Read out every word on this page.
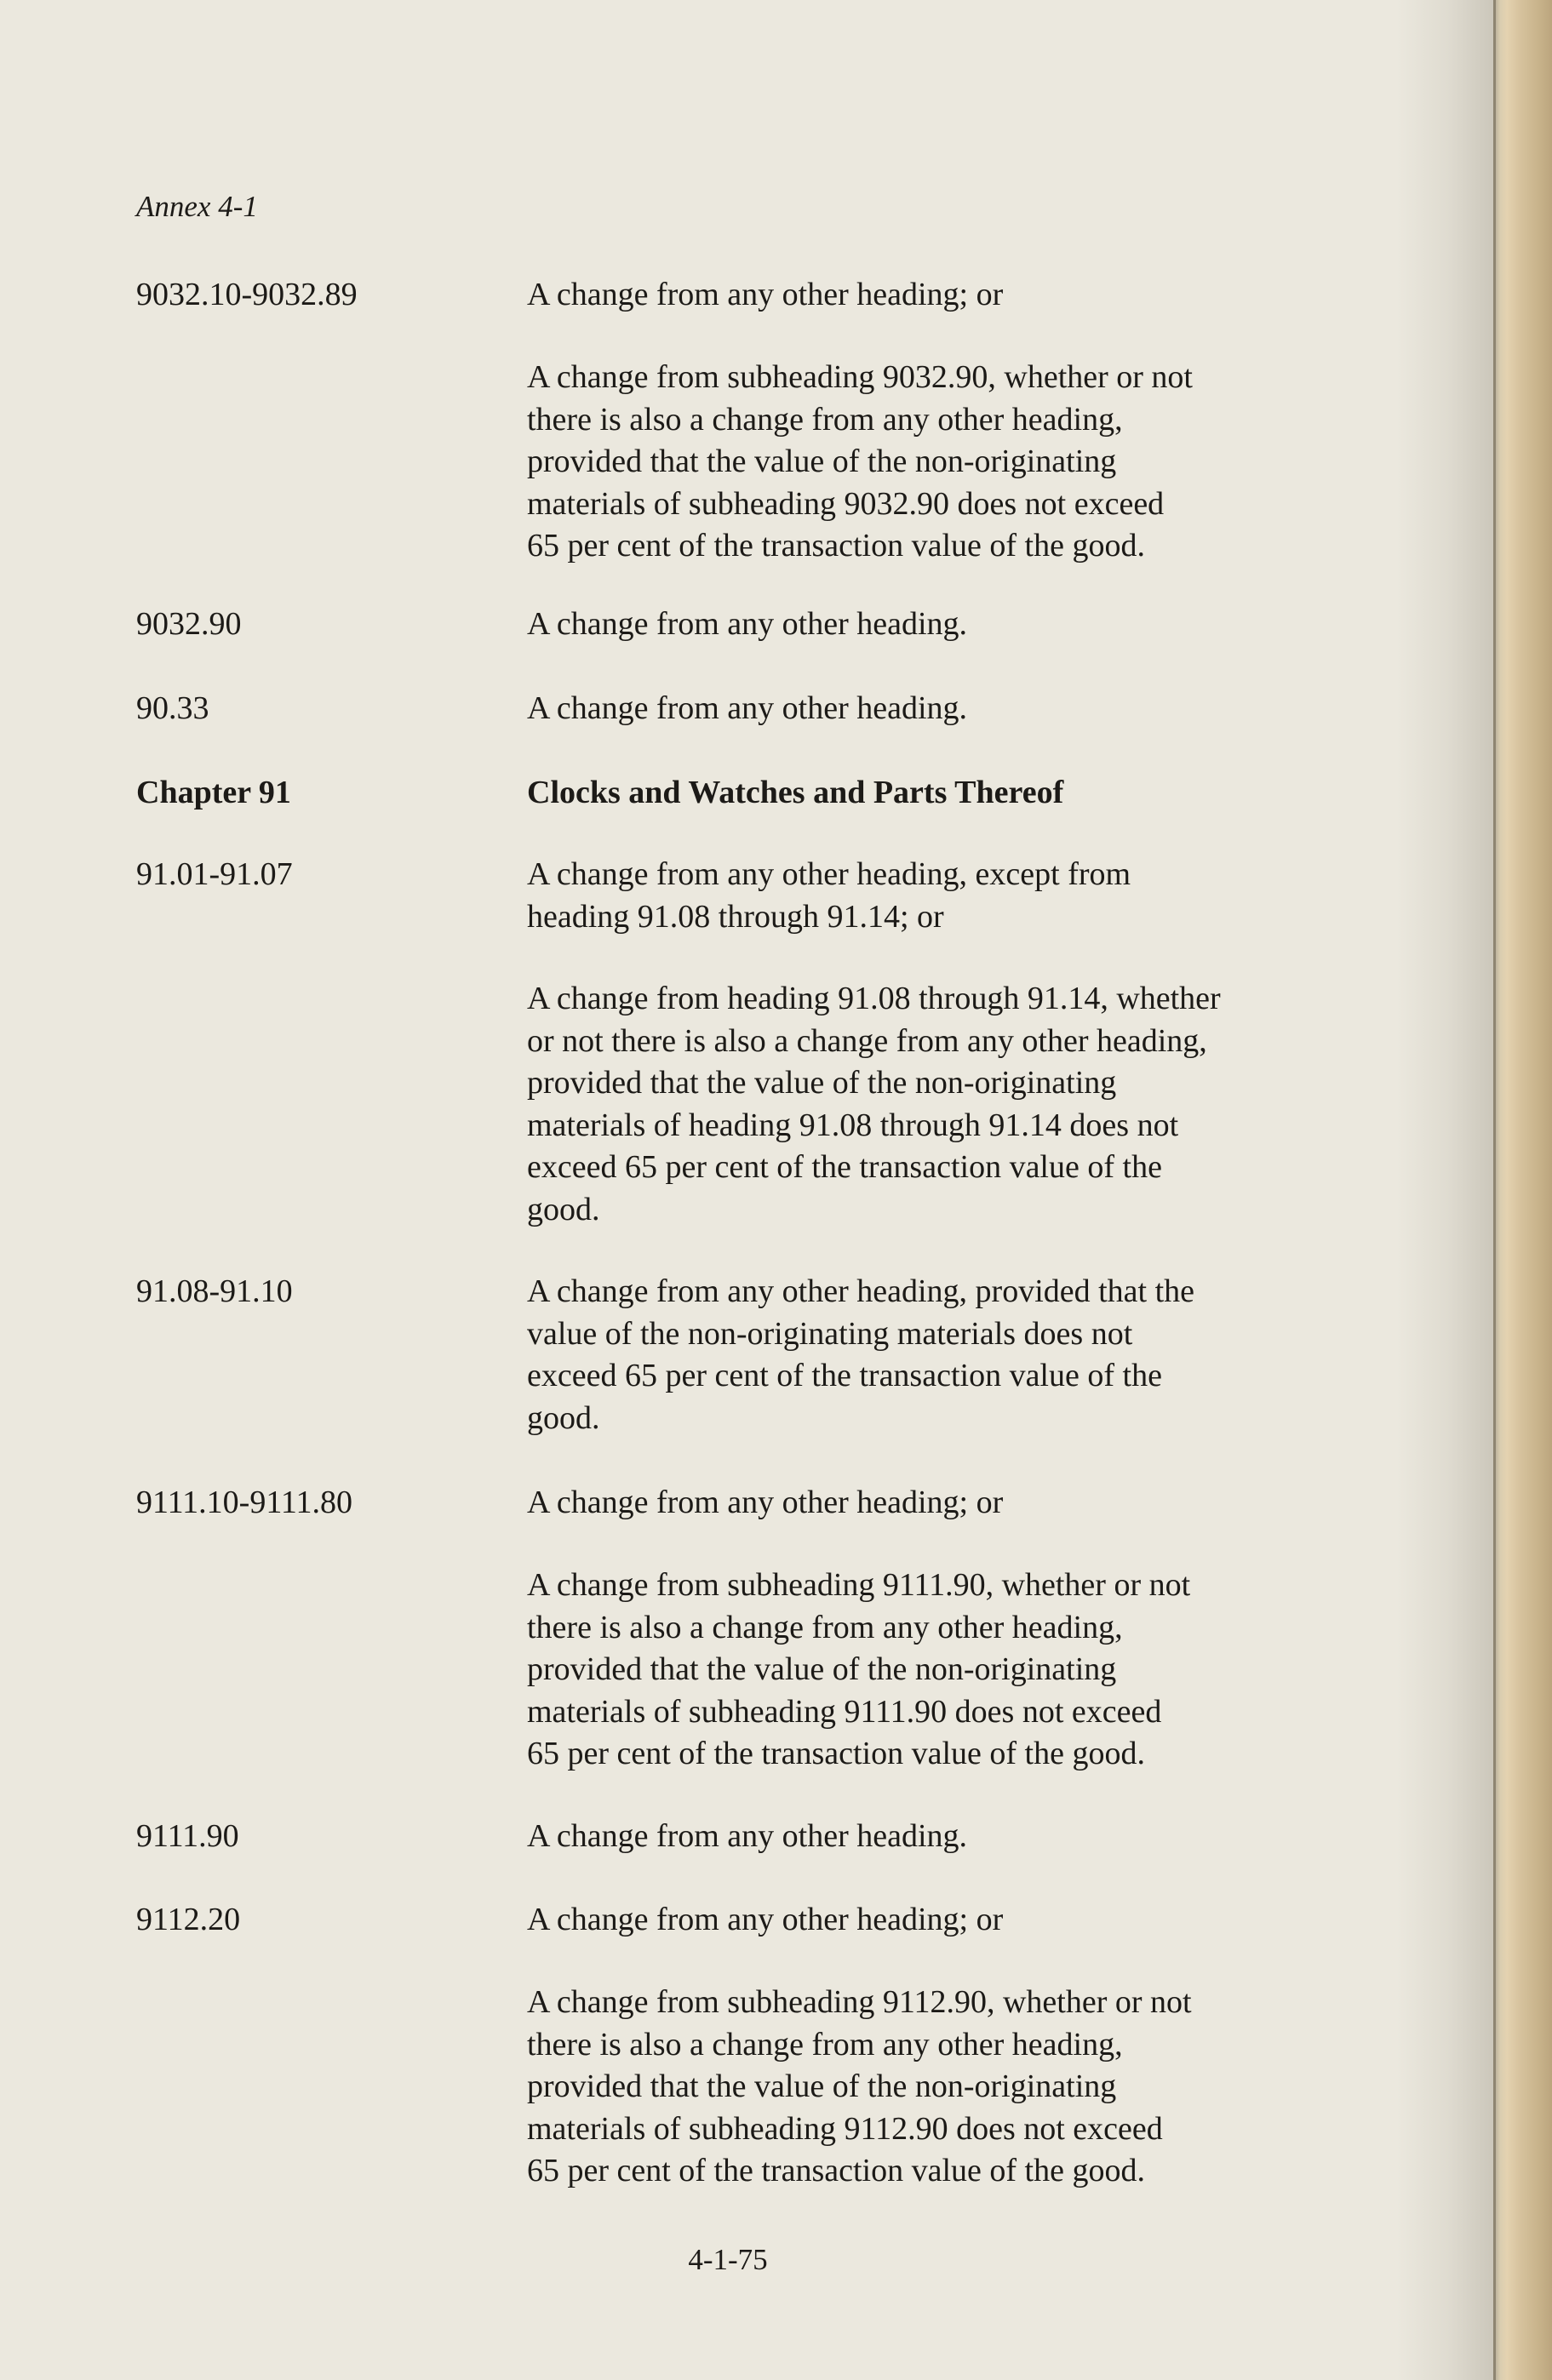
Annex 4-1
9032.10-9032.89	A change from any other heading; or
A change from subheading 9032.90, whether or not
there is also a change from any other heading,
provided that the value of the non-originating
materials of subheading 9032.90 does not exceed
65 per cent of the transaction value of the good.
9032.90	A change from any other heading.
90.33	A change from any other heading.
Chapter 91	Clocks and Watches and Parts Thereof
91.01-91.07	A change from any other heading, except from
heading 91.08 through 91.14; or
A change from heading 91.08 through 91.14, whether
or not there is also a change from any other heading,
provided that the value of the non-originating
materials of heading 91.08 through 91.14 does not
exceed 65 per cent of the transaction value of the
good.
91.08-91.10	A change from any other heading, provided that the
value of the non-originating materials does not
exceed 65 per cent of the transaction value of the
good.
9111.10-9111.80	A change from any other heading; or
A change from subheading 9111.90, whether or not
there is also a change from any other heading,
provided that the value of the non-originating
materials of subheading 9111.90 does not exceed
65 per cent of the transaction value of the good.
9111.90	A change from any other heading.
9112.20	A change from any other heading; or
A change from subheading 9112.90, whether or not
there is also a change from any other heading,
provided that the value of the non-originating
materials of subheading 9112.90 does not exceed
65 per cent of the transaction value of the good.
4-1-75
